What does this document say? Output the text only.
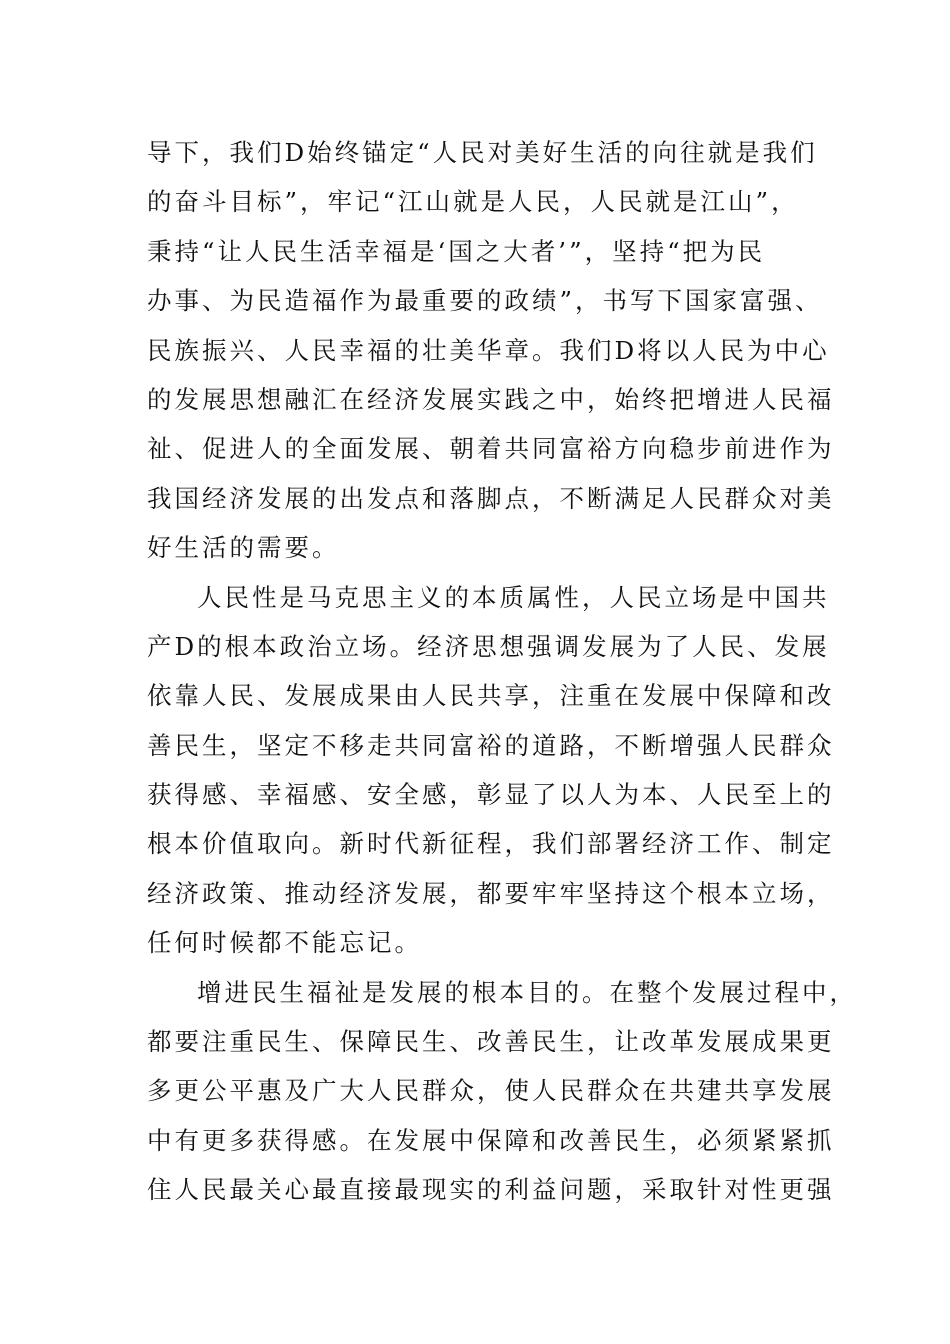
导下，我们D始终锚定“人民对美好生活的向往就是我们
的奋斗目标”，牢记“江山就是人民，人民就是江山”，
秉持“让人民生活幸福是‘国之大者’”，坚持“把为民
办事、为民造福作为最重要的政绩”，书写下国家富强、
民族振兴、人民幸福的壮美华章。我们D将以人民为中心
的发展思想融汇在经济发展实践之中，始终把增进人民福
祉、促进人的全面发展、朝着共同富裕方向稳步前进作为
我国经济发展的出发点和落脚点，不断满足人民群众对美
好生活的需要。
人民性是马克思主义的本质属性，人民立场是中国共
产D的根本政治立场。经济思想强调发展为了人民、发展
依靠人民、发展成果由人民共享，注重在发展中保障和改
善民生，坚定不移走共同富裕的道路，不断增强人民群众
获得感、幸福感、安全感，彰显了以人为本、人民至上的
根本价值取向。新时代新征程，我们部署经济工作、制定
经济政策、推动经济发展，都要牢牢坚持这个根本立场，
任何时候都不能忘记。
增进民生福祉是发展的根本目的。在整个发展过程中，
都要注重民生、保障民生、改善民生，让改革发展成果更
多更公平惠及广大人民群众，使人民群众在共建共享发展
中有更多获得感。在发展中保障和改善民生，必须紧紧抓
住人民最关心最直接最现实的利益问题，采取针对性更强
